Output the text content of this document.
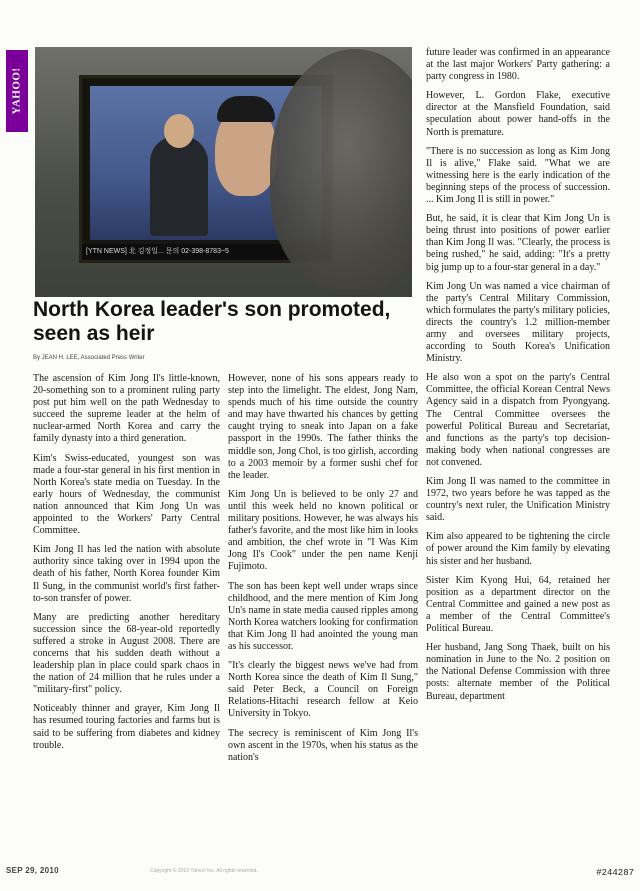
YAHOO!
[YTN NEWS] 北 김정일... 문의 02-398-8783~5
North Korea leader's son promoted, seen as heir
By JEAN H. LEE, Associated Press Writer

The ascension of Kim Jong Il's little-known, 20-something son to a prominent ruling party post put him well on the path Wednesday to succeed the supreme leader at the helm of nuclear-armed North Korea and carry the family dynasty into a third generation.

Kim's Swiss-educated, youngest son was made a four-star general in his first mention in North Korea's state media on Tuesday. In the early hours of Wednesday, the communist nation announced that Kim Jong Un was appointed to the Workers' Party Central Committee.

Kim Jong Il has led the nation with absolute authority since taking over in 1994 upon the death of his father, North Korea founder Kim Il Sung, in the communist world's first father-to-son transfer of power.

Many are predicting another hereditary succession since the 68-year-old reportedly suffered a stroke in August 2008. There are concerns that his sudden death without a leadership plan in place could spark chaos in the nation of 24 million that he rules under a "military-first" policy.

Noticeably thinner and grayer, Kim Jong Il has resumed touring factories and farms but is said to be suffering from diabetes and kidney trouble.

However, none of his sons appears ready to step into the limelight. The eldest, Jong Nam, spends much of his time outside the country and may have thwarted his chances by getting caught trying to sneak into Japan on a fake passport in the 1990s. The father thinks the middle son, Jong Chol, is too girlish, according to a 2003 memoir by a former sushi chef for the leader.

Kim Jong Un is believed to be only 27 and until this week held no known political or military positions. However, he was always his father's favorite, and the most like him in looks and ambition, the chef wrote in "I Was Kim Jong Il's Cook" under the pen name Kenji Fujimoto.

The son has been kept well under wraps since childhood, and the mere mention of Kim Jong Un's name in state media caused ripples among North Korea watchers looking for confirmation that Kim Jong Il had anointed the young man as his successor.

"It's clearly the biggest news we've had from North Korea since the death of Kim Il Sung," said Peter Beck, a Council on Foreign Relations-Hitachi research fellow at Keio University in Tokyo.

The secrecy is reminiscent of Kim Jong Il's own ascent in the 1970s, when his status as the nation's

future leader was confirmed in an appearance at the last major Workers' Party gathering: a party congress in 1980.

However, L. Gordon Flake, executive director at the Mansfield Foundation, said speculation about power hand-offs in the North is premature.

"There is no succession as long as Kim Jong Il is alive," Flake said. "What we are witnessing here is the early indication of the beginning steps of the process of succession. ... Kim Jong Il is still in power."

But, he said, it is clear that Kim Jong Un is being thrust into positions of power earlier than Kim Jong Il was. "Clearly, the process is being rushed," he said, adding: "It's a pretty big jump up to a four-star general in a day."

Kim Jong Un was named a vice chairman of the party's Central Military Commission, which formulates the party's military policies, directs the country's 1.2 million-member army and oversees military projects, according to South Korea's Unification Ministry.

He also won a spot on the party's Central Committee, the official Korean Central News Agency said in a dispatch from Pyongyang. The Central Committee oversees the powerful Political Bureau and Secretariat, and functions as the party's top decision-making body when national congresses are not convened.

Kim Jong Il was named to the committee in 1972, two years before he was tapped as the country's next ruler, the Unification Ministry said.

Kim also appeared to be tightening the circle of power around the Kim family by elevating his sister and her husband.

Sister Kim Kyong Hui, 64, retained her position as a department director on the Central Committee and gained a new post as a member of the Central Committee's Political Bureau.

Her husband, Jang Song Thaek, built on his nomination in June to the No. 2 position on the National Defense Commission with three posts: alternate member of the Political Bureau, department

SEP 29, 2010	Copyright © 2010 Yahoo! Inc. All rights reserved.	#244287
